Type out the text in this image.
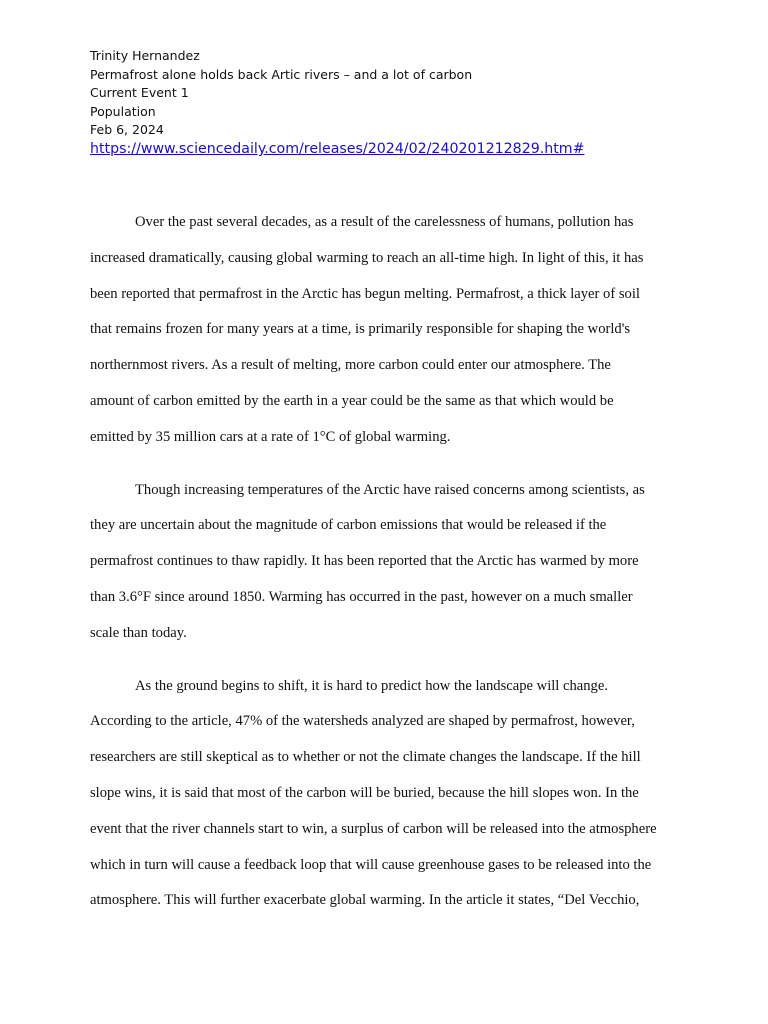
Trinity Hernandez
Permafrost alone holds back Artic rivers – and a lot of carbon
Current Event 1
Population
Feb 6, 2024
https://www.sciencedaily.com/releases/2024/02/240201212829.htm#

Over the past several decades, as a result of the carelessness of humans, pollution has
increased dramatically, causing global warming to reach an all-time high. In light of this, it has
been reported that permafrost in the Arctic has begun melting. Permafrost, a thick layer of soil
that remains frozen for many years at a time, is primarily responsible for shaping the world's
northernmost rivers. As a result of melting, more carbon could enter our atmosphere. The
amount of carbon emitted by the earth in a year could be the same as that which would be
emitted by 35 million cars at a rate of 1°C of global warming.

Though increasing temperatures of the Arctic have raised concerns among scientists, as
they are uncertain about the magnitude of carbon emissions that would be released if the
permafrost continues to thaw rapidly. It has been reported that the Arctic has warmed by more
than 3.6°F since around 1850. Warming has occurred in the past, however on a much smaller
scale than today.

As the ground begins to shift, it is hard to predict how the landscape will change.
According to the article, 47% of the watersheds analyzed are shaped by permafrost, however,
researchers are still skeptical as to whether or not the climate changes the landscape. If the hill
slope wins, it is said that most of the carbon will be buried, because the hill slopes won. In the
event that the river channels start to win, a surplus of carbon will be released into the atmosphere
which in turn will cause a feedback loop that will cause greenhouse gases to be released into the
atmosphere. This will further exacerbate global warming. In the article it states, “Del Vecchio,
